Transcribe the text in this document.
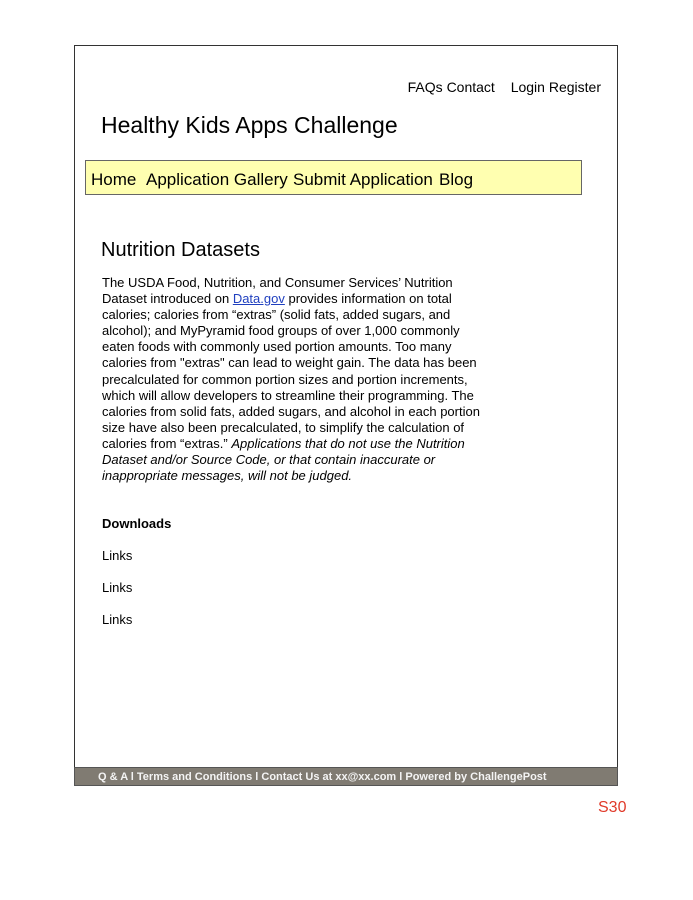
FAQs Contact Login Register
Healthy Kids Apps Challenge
Home Application Gallery Submit Application Blog
Nutrition Datasets

The USDA Food, Nutrition, and Consumer Services’ Nutrition Dataset introduced on Data.gov provides information on total calories; calories from “extras” (solid fats, added sugars, and alcohol); and MyPyramid food groups of over 1,000 commonly eaten foods with commonly used portion amounts. Too many calories from "extras" can lead to weight gain. The data has been precalculated for common portion sizes and portion increments, which will allow developers to streamline their programming. The calories from solid fats, added sugars, and alcohol in each portion size have also been precalculated, to simplify the calculation of calories from “extras.” Applications that do not use the Nutrition Dataset and/or Source Code, or that contain inaccurate or inappropriate messages, will not be judged.

Downloads

Links
Links
Links
Q & A l Terms and Conditions l Contact Us at xx@xx.com l Powered by ChallengePost
S30
